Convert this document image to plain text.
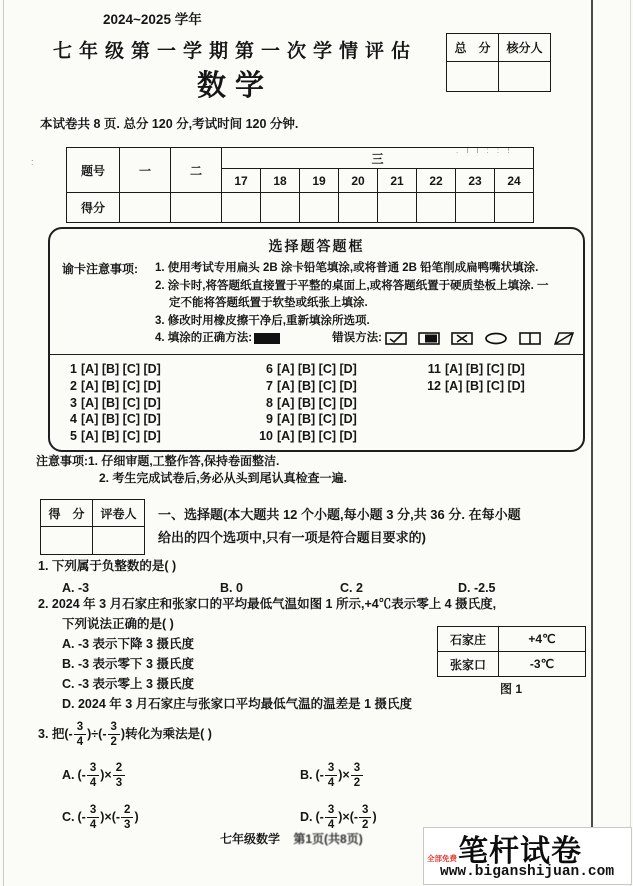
:
. l l : : !
2024~2025 学年
七年级第一学期第一次学情评估
数学
总　分	核分人

本试卷共 8 页. 总分 120 分,考试时间 120 分钟.
题号	一	二	三							
			17	18	19	20	21	22	23	24
得分										
选择题答题框
谕卡注意事项:	1. 使用考试专用扁头 2B 涂卡铅笔填涂,或将普通 2B 铅笔削成扁鸭嘴状填涂.
2. 涂卡时,将答题纸直接置于平整的桌面上,或将答题纸置于硬质垫板上填涂. 一
定不能将答题纸置于软垫或纸张上填涂.
3. 修改时用橡皮擦干净后,重新填涂所选项.
4. 填涂的正确方法:	错误方法:
1 [A] [B] [C] [D]
2 [A] [B] [C] [D]
3 [A] [B] [C] [D]
4 [A] [B] [C] [D]
5 [A] [B] [C] [D]
6 [A] [B] [C] [D]
7 [A] [B] [C] [D]
8 [A] [B] [C] [D]
9 [A] [B] [C] [D]
10 [A] [B] [C] [D]
11 [A] [B] [C] [D]
12 [A] [B] [C] [D]
注意事项: 1. 仔细审题,工整作答,保持卷面整洁.
2. 考生完成试卷后,务必从头到尾认真检查一遍.
得　分	评卷人
	一、选择题(本大题共 12 个小题,每小题 3 分,共 36 分. 在每小题
给出的四个选项中,只有一项是符合题目要求的)
1. 下列属于负整数的是( )
A. -3	B. 0	C. 2	D. -2.5
2. 2024 年 3 月石家庄和张家口的平均最低气温如图 1 所示,+4℃表示零上 4 摄氏度,
下列说法正确的是( )
A. -3 表示下降 3 摄氏度
B. -3 表示零下 3 摄氏度
C. -3 表示零上 3 摄氏度
D. 2024 年 3 月石家庄与张家口平均最低气温的温差是 1 摄氏度
石家庄	+4℃
张家口	-3℃
图 1
3. 把(- $\frac{3}{4}$ )÷(- $\frac{3}{2}$ )转化为乘法是( )
A. (- $\frac{3}{4}$ )× $\frac{2}{3}$	B. (- $\frac{3}{4}$ )× $\frac{3}{2}$
C. (- $\frac{3}{4}$ )×(- $\frac{2}{3}$ )	D. (- $\frac{3}{4}$ )×(- $\frac{3}{2}$ )
七年级数学 第1页(共8页)
全部免费 笔杆试卷
www.biganshijuan.com
